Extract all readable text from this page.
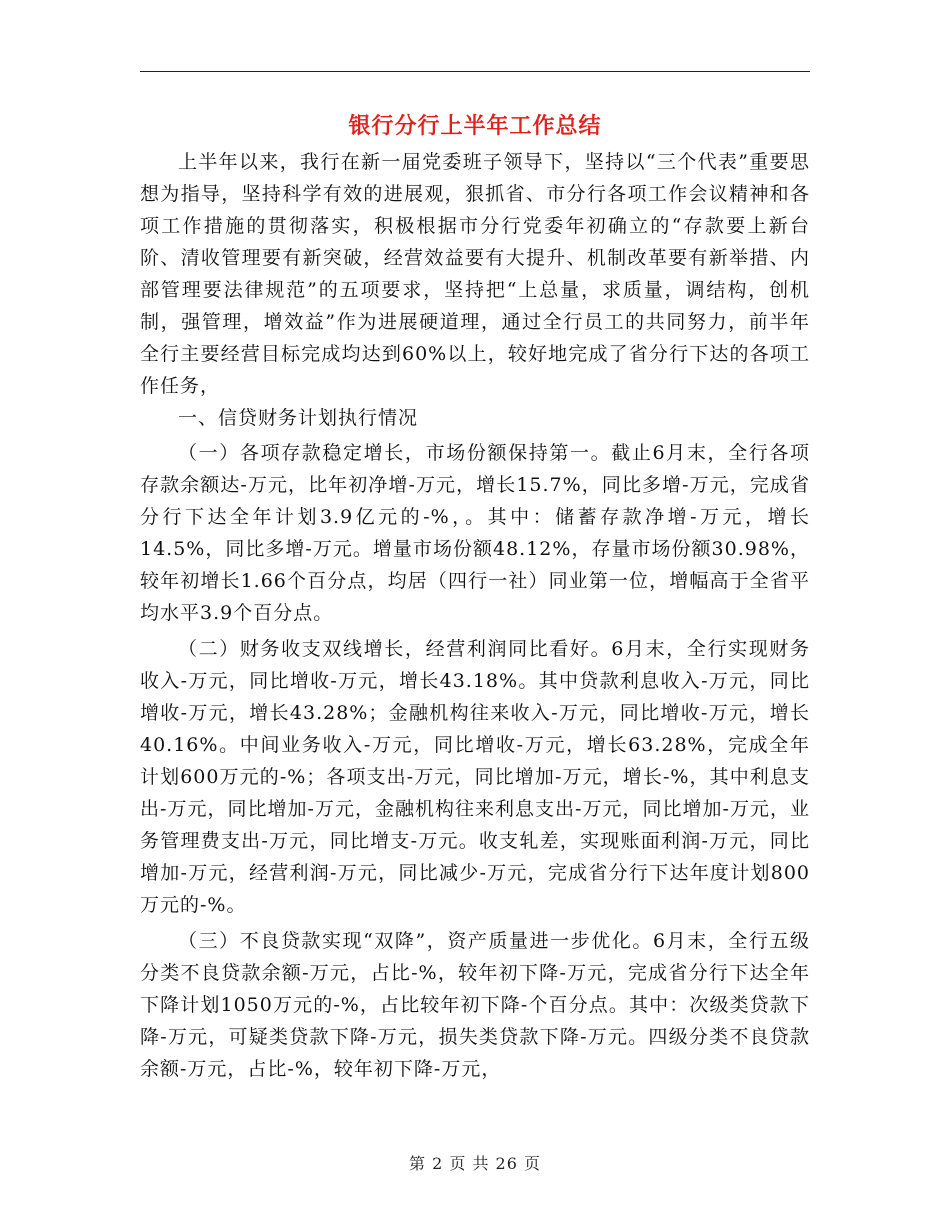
银行分行上半年工作总结

上半年以来，我行在新一届党委班子领导下，坚持以“三个代表”重要思想为指导，坚持科学有效的进展观，狠抓省、市分行各项工作会议精神和各项工作措施的贯彻落实，积极根据市分行党委年初确立的“存款要上新台阶、清收管理要有新突破，经营效益要有大提升、机制改革要有新举措、内部管理要法律规范”的五项要求，坚持把“上总量，求质量，调结构，创机制，强管理，增效益”作为进展硬道理，通过全行员工的共同努力，前半年全行主要经营目标完成均达到60%以上，较好地完成了省分行下达的各项工作任务，

一、信贷财务计划执行情况

（一）各项存款稳定增长，市场份额保持第一。截止6月末，全行各项存款余额达-万元，比年初净增-万元，增长15.7%，同比多增-万元，完成省分行下达全年计划3.9亿元的-%，。其中：储蓄存款净增-万元，增长14.5%，同比多增-万元。增量市场份额48.12%，存量市场份额30.98%，较年初增长1.66个百分点，均居（四行一社）同业第一位，增幅高于全省平均水平3.9个百分点。

（二）财务收支双线增长，经营利润同比看好。6月末，全行实现财务收入-万元，同比增收-万元，增长43.18%。其中贷款利息收入-万元，同比增收-万元，增长43.28%；金融机构往来收入-万元，同比增收-万元，增长40.16%。中间业务收入-万元，同比增收-万元，增长63.28%，完成全年计划600万元的-%；各项支出-万元，同比增加-万元，增长-%，其中利息支出-万元，同比增加-万元，金融机构往来利息支出-万元，同比增加-万元，业务管理费支出-万元，同比增支-万元。收支轧差，实现账面利润-万元，同比增加-万元，经营利润-万元，同比减少-万元，完成省分行下达年度计划800万元的-%。

（三）不良贷款实现“双降”，资产质量进一步优化。6月末，全行五级分类不良贷款余额-万元，占比-%，较年初下降-万元，完成省分行下达全年下降计划1050万元的-%，占比较年初下降-个百分点。其中：次级类贷款下降-万元，可疑类贷款下降-万元，损失类贷款下降-万元。四级分类不良贷款余额-万元，占比-%，较年初下降-万元，

第 2 页 共 26 页
